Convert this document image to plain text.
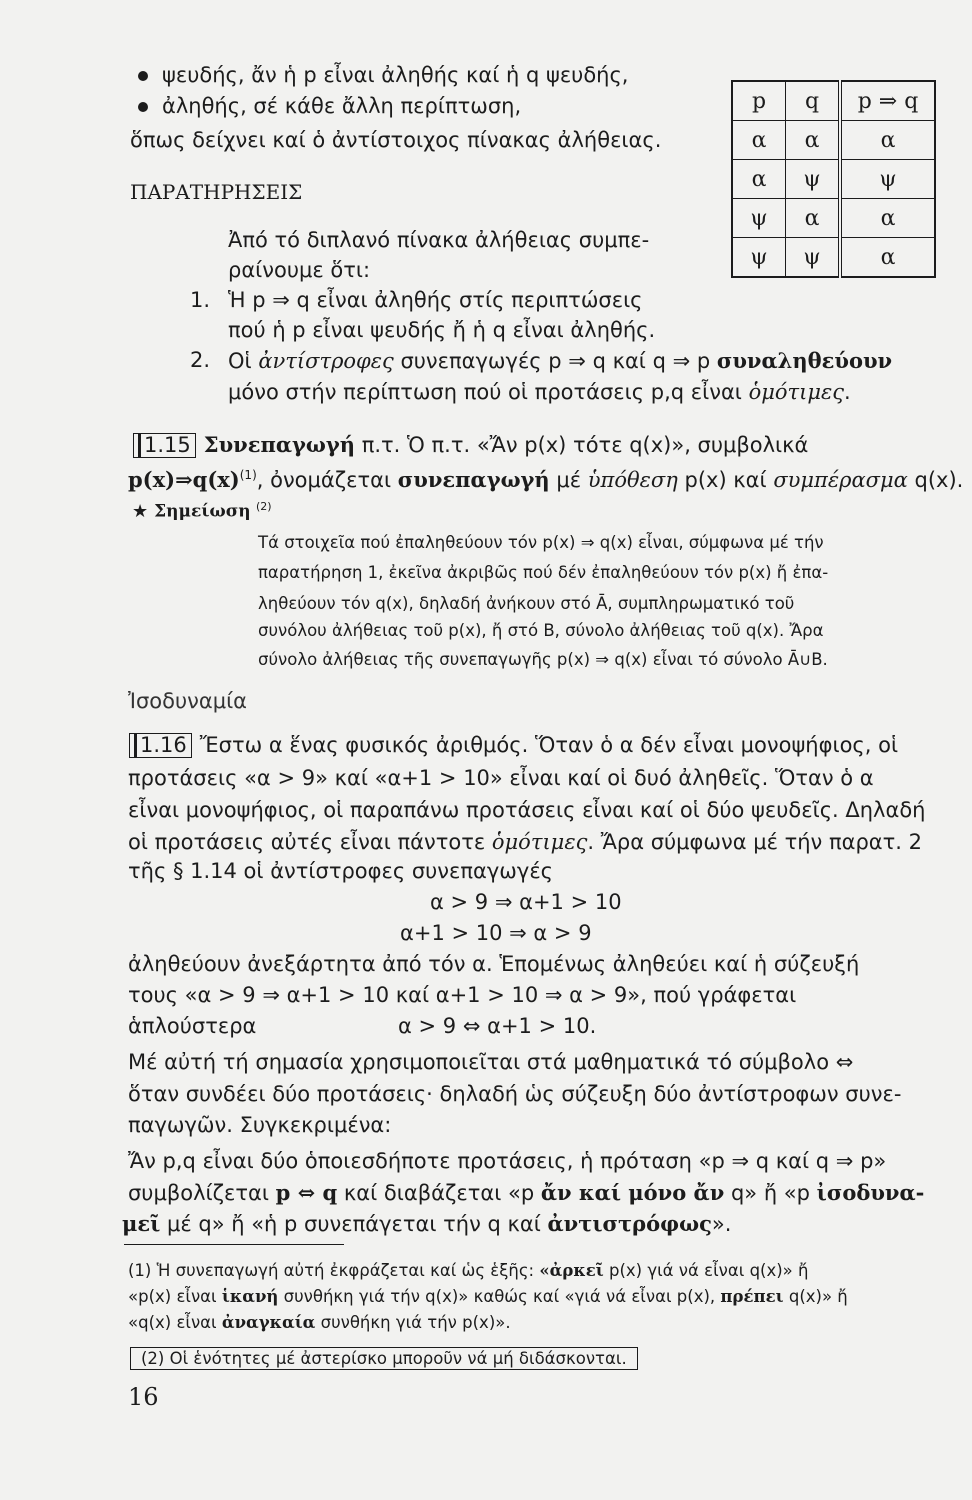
p	q	p ⇒ q
α	α	α
α	ψ	ψ
ψ	α	α
ψ	ψ	α
ψευδής, ἄν ἡ p εἶναι ἀληθής καί ἡ q ψευδής,
ἀληθής, σέ κάθε ἄλλη περίπτωση,
ὅπως δείχνει καί ὁ ἀντίστοιχος πίνακας ἀλήθειας.
ΠΑΡΑΤΗΡΗΣΕΙΣ
Ἀπό τό διπλανό πίνακα ἀλήθειας συμπε-
ραίνουμε ὅτι:
1. Ἡ p ⇒ q εἶναι ἀληθής στίς περιπτώσεις
πού ἡ p εἶναι ψευδής ἤ ἡ q εἶναι ἀληθής.
2. Οἱ ἀντίστροφες συνεπαγωγές p ⇒ q καί q ⇒ p συναληθεύουν
μόνο στήν περίπτωση πού οἱ προτάσεις p,q εἶναι ὁμότιμες.
1.15 Συνεπαγωγή π.τ. Ὁ π.τ. «Ἄν p(x) τότε q(x)», συμβολικά
$p(x)\Rightarrow q(x)^{(1)}$, ὀνομάζεται συνεπαγωγή μέ ὑπόθεση p(x) καί συμπέρασμα q(x).
★ Σημείωση $^{(2)}$
Τά στοιχεῖα πού ἐπαληθεύουν τόν p(x) ⇒ q(x) εἶναι, σύμφωνα μέ τήν
παρατήρηση 1, ἐκεῖνα ἀκριβῶς πού δέν ἐπαληθεύουν τόν p(x) ἤ ἐπα-
ληθεύουν τόν q(x), δηλαδή ἀνήκουν στό Ā, συμπληρωματικό τοῦ
συνόλου ἀλήθειας τοῦ p(x), ἤ στό B, σύνολο ἀλήθειας τοῦ q(x). Ἄρα
σύνολο ἀλήθειας τῆς συνεπαγωγῆς p(x) ⇒ q(x) εἶναι τό σύνολο Ā∪B.
Ἰσοδυναμία
1.16 Ἔστω α ἕνας φυσικός ἀριθμός. Ὅταν ὁ α δέν εἶναι μονοψήφιος, οἱ
προτάσεις «α > 9» καί «α+1 > 10» εἶναι καί οἱ δυό ἀληθεῖς. Ὅταν ὁ α
εἶναι μονοψήφιος, οἱ παραπάνω προτάσεις εἶναι καί οἱ δύο ψευδεῖς. Δηλαδή
οἱ προτάσεις αὐτές εἶναι πάντοτε ὁμότιμες. Ἄρα σύμφωνα μέ τήν παρατ. 2
τῆς § 1.14 οἱ ἀντίστροφες συνεπαγωγές
α > 9 ⇒ α+1 > 10
α+1 > 10 ⇒ α > 9
ἀληθεύουν ἀνεξάρτητα ἀπό τόν α. Ἑπομένως ἀληθεύει καί ἡ σύζευξή
τους «α > 9 ⇒ α+1 > 10 καί α+1 > 10 ⇒ α > 9», πού γράφεται
ἁπλούστερα	α > 9 ⇔ α+1 > 10.
Μέ αὐτή τή σημασία χρησιμοποιεῖται στά μαθηματικά τό σύμβολο ⇔
ὅταν συνδέει δύο προτάσεις· δηλαδή ὡς σύζευξη δύο ἀντίστροφων συνε-
παγωγῶν. Συγκεκριμένα:
Ἄν p,q εἶναι δύο ὁποιεσδήποτε προτάσεις, ἡ πρόταση «p ⇒ q καί q ⇒ p»
συμβολίζεται p ⇔ q καί διαβάζεται «p ἄν καί μόνο ἄν q» ἤ «p ἰσοδυνα-
μεῖ μέ q» ἤ «ἡ p συνεπάγεται τήν q καί ἀντιστρόφως».
(1) Ἡ συνεπαγωγή αὐτή ἐκφράζεται καί ὡς ἑξῆς: «ἀρκεῖ p(x) γιά νά εἶναι q(x)» ἤ
«p(x) εἶναι ἱκανή συνθήκη γιά τήν q(x)» καθώς καί «γιά νά εἶναι p(x), πρέπει q(x)» ἤ
«q(x) εἶναι ἀναγκαία συνθήκη γιά τήν p(x)».
(2) Οἱ ἑνότητες μέ ἀστερίσκο μποροῦν νά μή διδάσκονται.
16
